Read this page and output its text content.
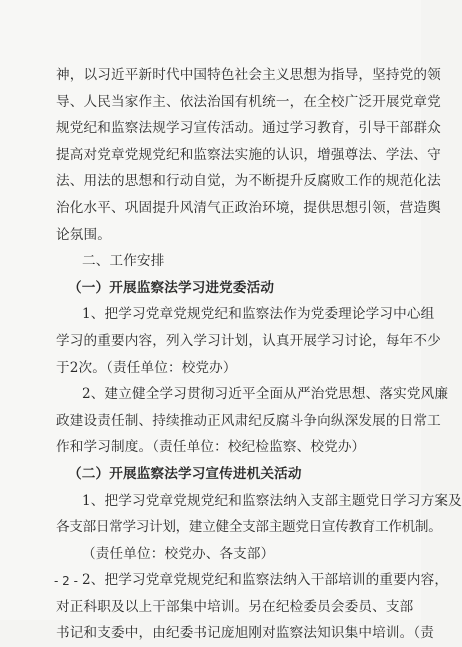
神，以习近平新时代中国特色社会主义思想为指导，坚持党的领
导、人民当家作主、依法治国有机统一，在全校广泛开展党章党
规党纪和监察法规学习宣传活动。通过学习教育，引导干部群众
提高对党章党规党纪和监察法实施的认识，增强尊法、学法、守
法、用法的思想和行动自觉，为不断提升反腐败工作的规范化法
治化水平、巩固提升风清气正政治环境，提供思想引领，营造舆
论氛围。
二、工作安排
（一）开展监察法学习进党委活动
1、把学习党章党规党纪和监察法作为党委理论学习中心组
学习的重要内容，列入学习计划，认真开展学习讨论，每年不少
于2次。（责任单位：校党办）
2、建立健全学习贯彻习近平全面从严治党思想、落实党风廉
政建设责任制、持续推动正风肃纪反腐斗争向纵深发展的日常工
作和学习制度。（责任单位：校纪检监察、校党办）
（二）开展监察法学习宣传进机关活动
1、把学习党章党规党纪和监察法纳入支部主题党日学习方案及
各支部日常学习计划，建立健全支部主题党日宣传教育工作机制。
（责任单位：校党办、各支部）
2、把学习党章党规党纪和监察法纳入干部培训的重要内容，
对正科职及以上干部集中培训。另在纪检委员会委员、支部
书记和支委中，由纪委书记庞旭刚对监察法知识集中培训。（责
- 2 -
